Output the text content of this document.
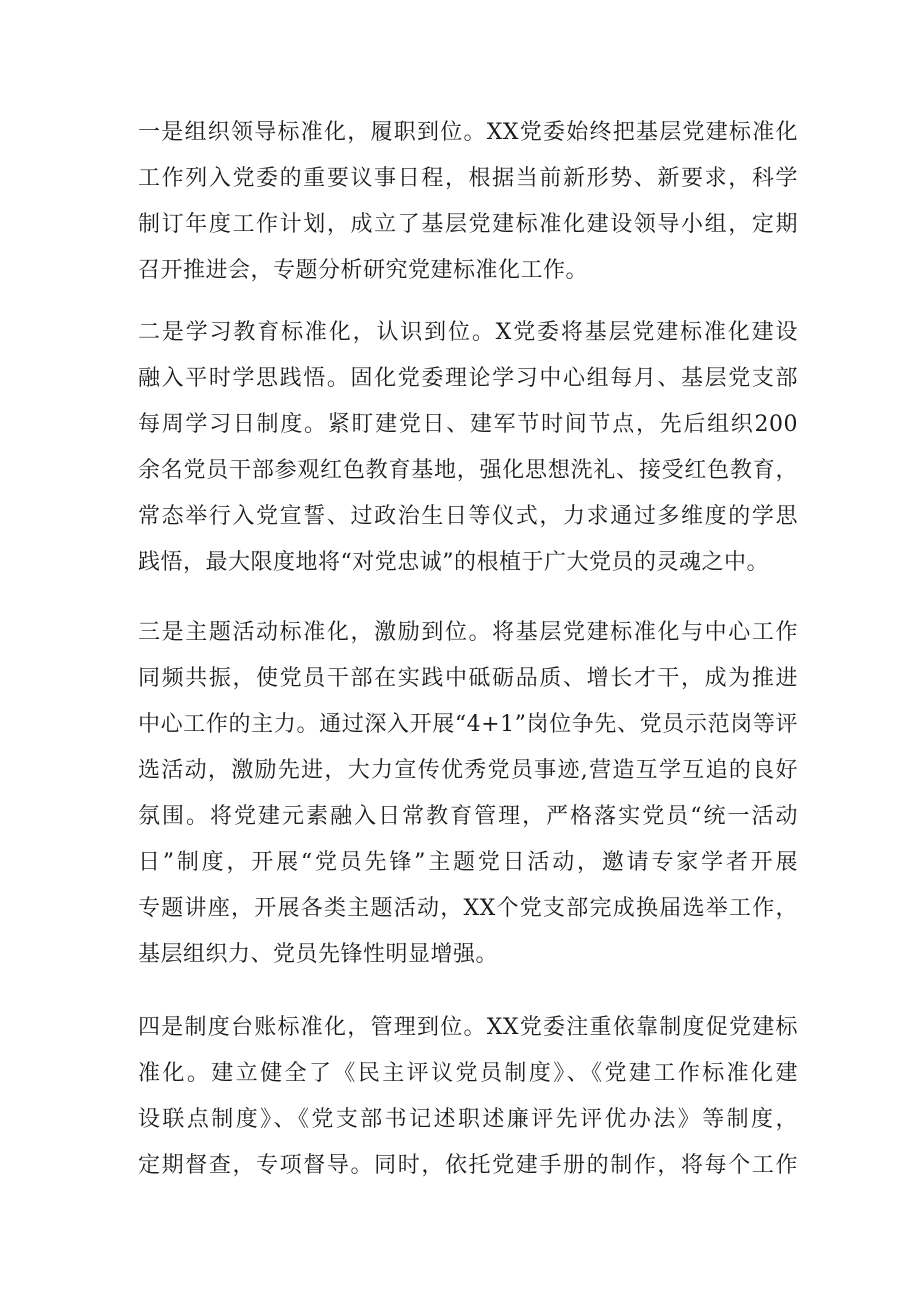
一是组织领导标准化，履职到位。XX党委始终把基层党建标准化
工作列入党委的重要议事日程，根据当前新形势、新要求，科学
制订年度工作计划，成立了基层党建标准化建设领导小组，定期
召开推进会，专题分析研究党建标准化工作。
二是学习教育标准化，认识到位。X党委将基层党建标准化建设
融入平时学思践悟。固化党委理论学习中心组每月、基层党支部
每周学习日制度。紧盯建党日、建军节时间节点，先后组织200
余名党员干部参观红色教育基地，强化思想洗礼、接受红色教育，
常态举行入党宣誓、过政治生日等仪式，力求通过多维度的学思
践悟，最大限度地将“对党忠诚”的根植于广大党员的灵魂之中。
三是主题活动标准化，激励到位。将基层党建标准化与中心工作
同频共振，使党员干部在实践中砥砺品质、增长才干，成为推进
中心工作的主力。通过深入开展“4+1”岗位争先、党员示范岗等评
选活动，激励先进，大力宣传优秀党员事迹,营造互学互追的良好
氛围。将党建元素融入日常教育管理，严格落实党员“统一活动
日”制度，开展“党员先锋”主题党日活动，邀请专家学者开展
专题讲座，开展各类主题活动，XX个党支部完成换届选举工作，
基层组织力、党员先锋性明显增强。
四是制度台账标准化，管理到位。XX党委注重依靠制度促党建标
准化。建立健全了《民主评议党员制度》、《党建工作标准化建
设联点制度》、《党支部书记述职述廉评先评优办法》等制度，
定期督查，专项督导。同时，依托党建手册的制作，将每个工作
